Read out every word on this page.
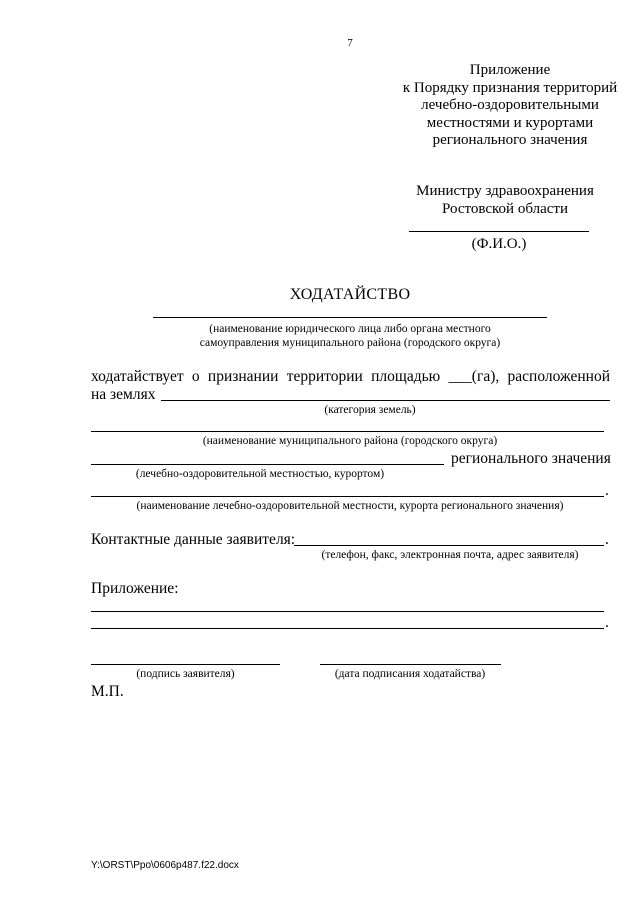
7
Приложение
к Порядку признания территорий
лечебно-оздоровительными
местностями и курортами
регионального значения
Министру здравоохранения
Ростовской области
(Ф.И.О.)
ХОДАТАЙСТВО
(наименование юридического лица либо органа местного
самоуправления муниципального района (городского округа)
ходатайствует о признании территории площадью ___(га), расположенной
на землях
(категория земель)
(наименование муниципального района (городского округа)
регионального значения
(лечебно-оздоровительной местностью, курортом)
.
(наименование лечебно-оздоровительной местности, курорта регионального значения)
Контактные данные заявителя:	.
(телефон, факс, электронная почта, адрес заявителя)
Приложение:
.
(подпись заявителя)	(дата подписания ходатайства)
М.П.
Y:\ORST\Ppo\0606p487.f22.docx
